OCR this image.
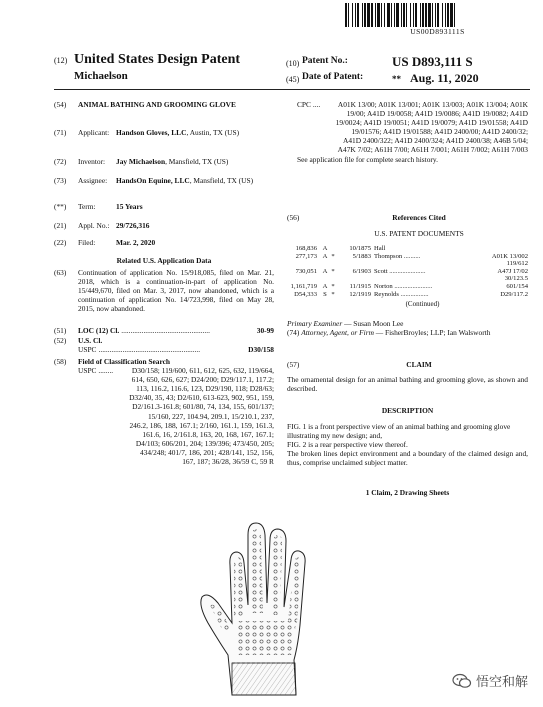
US00D893111S
(12) United States Design Patent
Michaelson
(10) Patent No.:	US D893,111 S
(45) Date of Patent:	** Aug. 11, 2020
(54) ANIMAL BATHING AND GROOMING GLOVE
(71) Applicant: Handson Gloves, LLC, Austin, TX (US)
(72) Inventor:	Jay Michaelson, Mansfield, TX (US)
(73) Assignee:	HandsOn Equine, LLC, Mansfield, TX (US)
(**) Term:	15 Years
(21) Appl. No.: 29/726,316
(22) Filed:	Mar. 2, 2020
Related U.S. Application Data
(63) Continuation of application No. 15/918,085, filed on Mar. 21, 2018, which is a continuation-in-part of application No. 15/449,670, filed on Mar. 3, 2017, now abandoned, which is a continuation of application No. 14/723,998, filed on May 28, 2015, now abandoned.
(51) LOC (12) Cl. ................................................	30-99
(52) U.S. Cl.
USPC .......................................................	D30/158
(58) Field of Classification Search
USPC ........	D30/158; 119/600, 611, 612, 625, 632, 119/664, 614, 650, 626, 627; D24/200; D29/117.1, 117.2; 113, 116.2, 116.6, 123, D29/190, 118; D28/63; D32/40, 35, 43; D2/610, 613-623, 902, 951, 159, D2/161.3-161.8; 601/80, 74, 134, 155, 601/137; 15/160, 227, 104.94, 209.1, 15/210.1, 237, 246.2, 186, 188, 167.1; 2/160, 161.1, 159, 161.3, 161.6, 16, 2/161.8, 163, 20, 168, 167, 167.1; D4/103; 606/201, 204; 139/396; 473/450, 205; 434/248; 401/7, 186, 201; 428/141, 152, 156, 167, 187; 36/28, 36/59 C, 59 R
CPC .... A01K 13/00; A01K 13/001; A01K 13/003; A01K 13/004; A01K 19/00; A41D 19/0058; A41D 19/0086; A41D 19/0082; A41D 19/0024; A41D 19/0051; A41D 19/0079; A41D 19/01558; A41D 19/01576; A41D 19/01588; A41D 2400/00; A41D 2400/32; A41D 2400/322; A41D 2400/324; A41D 2400/38; A46B 5/04; A47K 7/02; A61H 7/00; A61H 7/001; A61H 7/002; A61H 7/003
See application file for complete search history.
(56)	References Cited
U.S. PATENT DOCUMENTS
168,836 A	10/1875 Hall
277,173 A *	5/1883 Thompson ..........	A01K 13/002
119/612
730,051 A *	6/1903 Scott ......................	A47J 17/02
30/123.5
1,161,719 A *	11/1915 Norton .......................	601/154
D54,333 S *	12/1919 Reynolds .................	D29/117.2
(Continued)
Primary Examiner — Susan Moon Lee
(74) Attorney, Agent, or Firm — FisherBroyles; LLP; Ian Walsworth
(57)	CLAIM
The ornamental design for an animal bathing and grooming glove, as shown and described.
DESCRIPTION
FIG. 1 is a front perspective view of an animal bathing and grooming glove illustrating my new design; and,
FIG. 2 is a rear perspective view thereof.
The broken lines depict environment and a boundary of the claimed design and, thus, comprise unclaimed subject matter.
1 Claim, 2 Drawing Sheets
悟空和解
